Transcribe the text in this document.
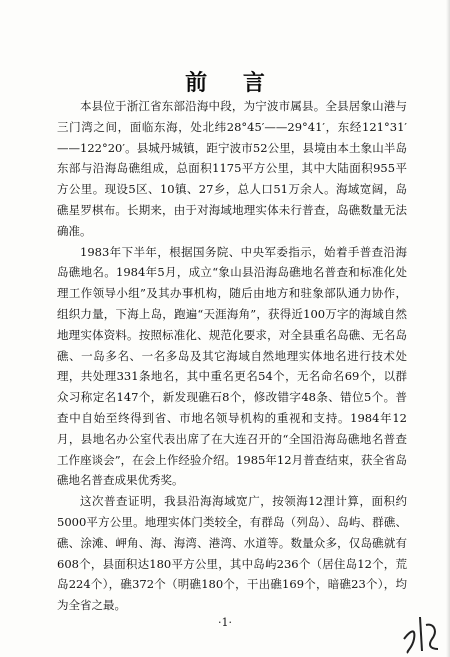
前 言

本县位于浙江省东部沿海中段，为宁波市属县。全县居象山港与三门湾之间，面临东海，处北纬28°45′——29°41′，东经121°31′——122°20′。县城丹城镇，距宁波市52公里，县境由本土象山半岛东部与沿海岛礁组成，总面积1175平方公里，其中大陆面积955平方公里。现设5区、10镇、27乡，总人口51万余人。海域宽阔，岛礁星罗棋布。长期来，由于对海域地理实体未行普查，岛礁数量无法确准。

1983年下半年，根据国务院、中央军委指示，始着手普查沿海岛礁地名。1984年5月，成立“象山县沿海岛礁地名普查和标准化处理工作领导小组”及其办事机构，随后由地方和驻象部队通力协作，组织力量，下海上岛，跑遍“天涯海角”，获得近100万字的海域自然地理实体资料。按照标准化、规范化要求，对全县重名岛礁、无名岛礁、一岛多名、一名多岛及其它海域自然地理实体地名进行技术处理，共处理331条地名，其中重名更名54个，无名命名69个，以群众习称定名147个，新发现礁石8个，修改错字48条、错位5个。普查中自始至终得到省、市地名领导机构的重视和支持。1984年12月，县地名办公室代表出席了在大连召开的“全国沿海岛礁地名普查工作座谈会”，在会上作经验介绍。1985年12月普查结束，获全省岛礁地名普查成果优秀奖。

这次普查证明，我县沿海海域宽广，按领海12浬计算，面积约5000平方公里。地理实体门类较全，有群岛（列岛）、岛屿、群礁、礁、涂滩、岬角、海、海湾、港湾、水道等。数量众多，仅岛礁就有608个，县面积达180平方公里，其中岛屿236个（居住岛12个，荒岛224个），礁372个（明礁180个，干出礁169个，暗礁23个），均为全省之最。

·1·
